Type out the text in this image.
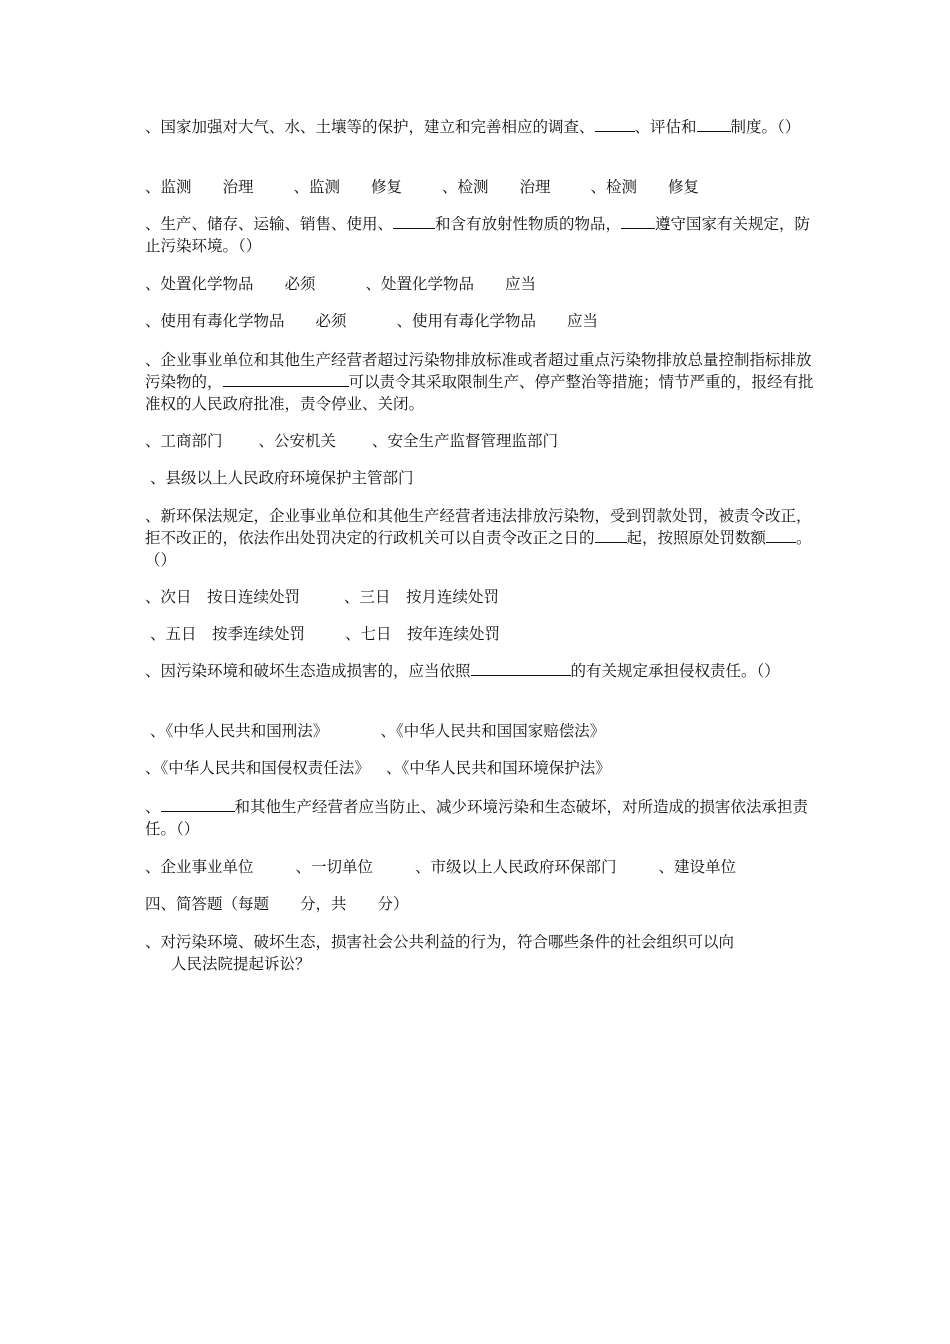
、国家加强对大气、水、土壤等的保护，建立和完善相应的调查、	、评估和 制度。（）
、监测　　治理	、监测　　修复	、检测　　治理	、检测　　修复
、生产、储存、运输、销售、使用、	和含有放射性物质的物品， 遵守国家有关规定，防止污染环境。（）
、处置化学物品　　必须	、处置化学物品　　应当
、使用有毒化学物品　　必须	、使用有毒化学物品　　应当
、企业事业单位和其他生产经营者超过污染物排放标准或者超过重点污染物排放总量控制指标排放污染物的，	可以责令其采取限制生产、停产整治等措施；情节严重的，报经有批准权的人民政府批准，责令停业、关闭。
、工商部门 、公安机关 、安全生产监督管理监部门
、县级以上人民政府环境保护主管部门
、新环保法规定，企业事业单位和其他生产经营者违法排放污染物，受到罚款处罚，被责令改正，拒不改正的，依法作出处罚决定的行政机关可以自责令改正之日的 起，按照原处罚数额 。（）
、次日　按日连续处罚	、三日　按月连续处罚
、五日　按季连续处罚	、七日　按年连续处罚
、因污染环境和破坏生态造成损害的，应当依照	的有关规定承担侵权责任。（）
、《中华人民共和国刑法》	、《中华人民共和国国家赔偿法》
、《中华人民共和国侵权责任法》 、《中华人民共和国环境保护法》
、	和其他生产经营者应当防止、减少环境污染和生态破坏，对所造成的损害依法承担责任。（）
、企业事业单位	、一切单位	、市级以上人民政府环保部门	、建设单位
四、简答题（每题　　分，共　　分）
、对污染环境、破坏生态，损害社会公共利益的行为，符合哪些条件的社会组织可以向
人民法院提起诉讼？
